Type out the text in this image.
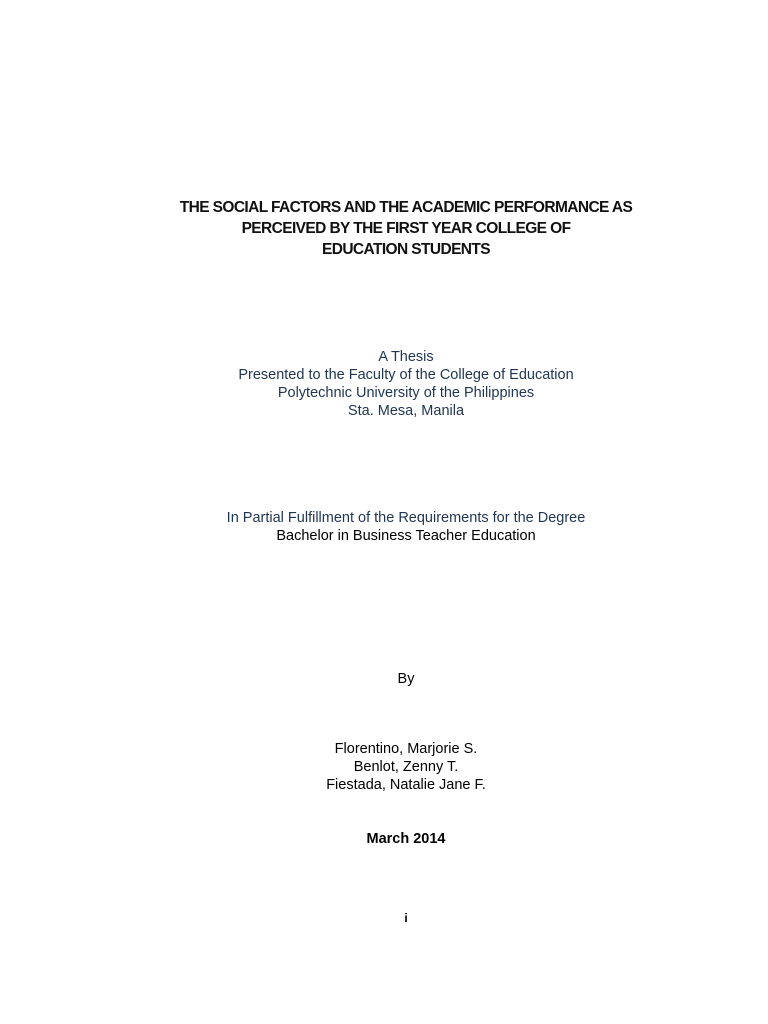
THE SOCIAL FACTORS AND THE ACADEMIC PERFORMANCE AS
PERCEIVED BY THE FIRST YEAR COLLEGE OF
EDUCATION STUDENTS
A Thesis
Presented to the Faculty of the College of Education
Polytechnic University of the Philippines
Sta. Mesa, Manila
In Partial Fulfillment of the Requirements for the Degree
Bachelor in Business Teacher Education
By
Florentino, Marjorie S.
Benlot, Zenny T.
Fiestada, Natalie Jane F.
March 2014
i
